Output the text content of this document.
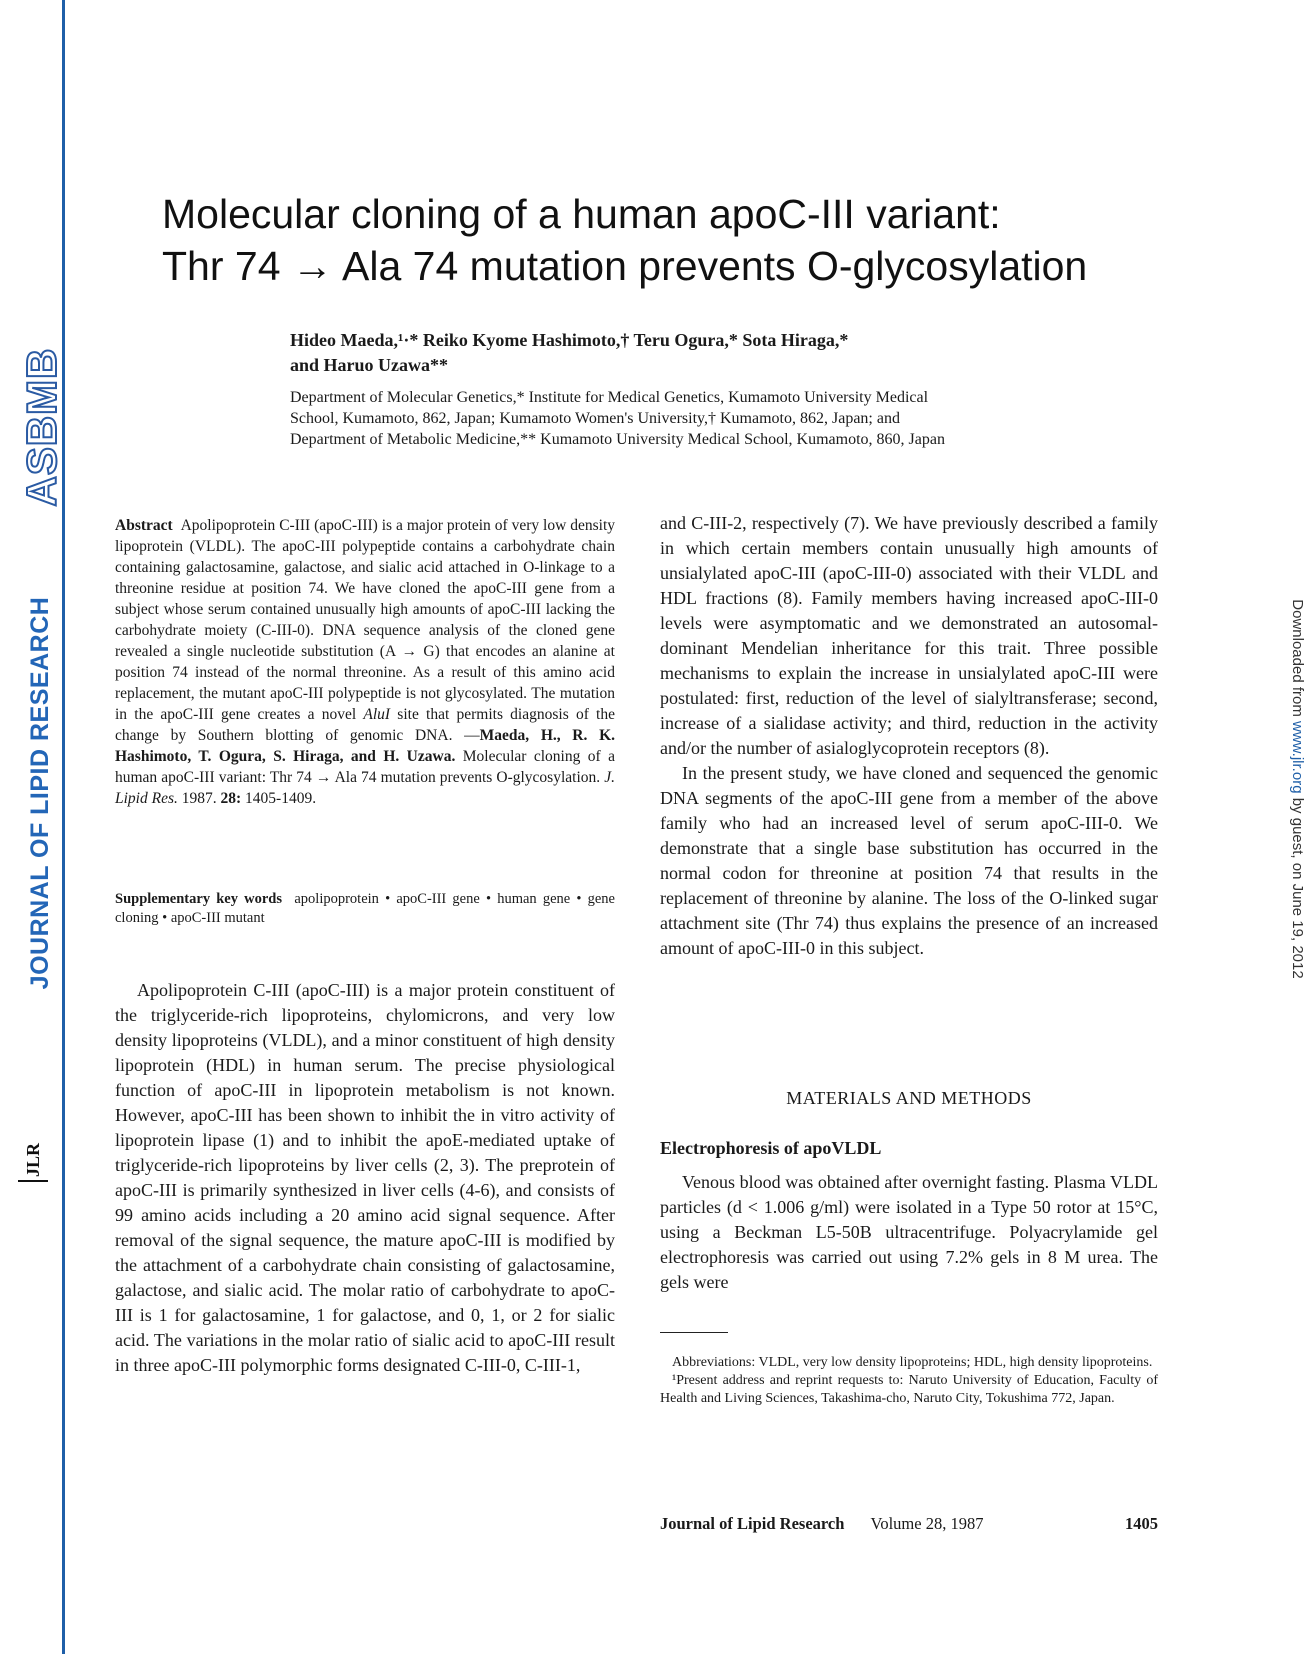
ASBMB
JOURNAL OF LIPID RESEARCH
JLR
Downloaded from www.jlr.org by guest, on June 19, 2012
Molecular cloning of a human apoC-III variant:
Thr 74 → Ala 74 mutation prevents O-glycosylation
Hideo Maeda,¹·* Reiko Kyome Hashimoto,† Teru Ogura,* Sota Hiraga,*
and Haruo Uzawa**
Department of Molecular Genetics,* Institute for Medical Genetics, Kumamoto University Medical
School, Kumamoto, 862, Japan; Kumamoto Women's University,† Kumamoto, 862, Japan; and
Department of Metabolic Medicine,** Kumamoto University Medical School, Kumamoto, 860, Japan
Abstract Apolipoprotein C-III (apoC-III) is a major protein of very low density lipoprotein (VLDL). The apoC-III polypeptide contains a carbohydrate chain containing galactosamine, galactose, and sialic acid attached in O-linkage to a threonine residue at position 74. We have cloned the apoC-III gene from a subject whose serum contained unusually high amounts of apoC-III lacking the carbohydrate moiety (C-III-0). DNA sequence analysis of the cloned gene revealed a single nucleotide substitution (A → G) that encodes an alanine at position 74 instead of the normal threonine. As a result of this amino acid replacement, the mutant apoC-III polypeptide is not glycosylated. The mutation in the apoC-III gene creates a novel AluI site that permits diagnosis of the change by Southern blotting of genomic DNA. —Maeda, H., R. K. Hashimoto, T. Ogura, S. Hiraga, and H. Uzawa. Molecular cloning of a human apoC-III variant: Thr 74 → Ala 74 mutation prevents O-glycosylation. J. Lipid Res. 1987. 28: 1405-1409.
Supplementary key words apolipoprotein • apoC-III gene • human gene • gene cloning • apoC-III mutant

Apolipoprotein C-III (apoC-III) is a major protein constituent of the triglyceride-rich lipoproteins, chylomicrons, and very low density lipoproteins (VLDL), and a minor constituent of high density lipoprotein (HDL) in human serum. The precise physiological function of apoC-III in lipoprotein metabolism is not known. However, apoC-III has been shown to inhibit the in vitro activity of lipoprotein lipase (1) and to inhibit the apoE-mediated uptake of triglyceride-rich lipoproteins by liver cells (2, 3). The preprotein of apoC-III is primarily synthesized in liver cells (4-6), and consists of 99 amino acids including a 20 amino acid signal sequence. After removal of the signal sequence, the mature apoC-III is modified by the attachment of a carbohydrate chain consisting of galactosamine, galactose, and sialic acid. The molar ratio of carbohydrate to apoC-III is 1 for galactosamine, 1 for galactose, and 0, 1, or 2 for sialic acid. The variations in the molar ratio of sialic acid to apoC-III result in three apoC-III polymorphic forms designated C-III-0, C-III-1,

and C-III-2, respectively (7). We have previously described a family in which certain members contain unusually high amounts of unsialylated apoC-III (apoC-III-0) associated with their VLDL and HDL fractions (8). Family members having increased apoC-III-0 levels were asymptomatic and we demonstrated an autosomal-dominant Mendelian inheritance for this trait. Three possible mechanisms to explain the increase in unsialylated apoC-III were postulated: first, reduction of the level of sialyltransferase; second, increase of a sialidase activity; and third, reduction in the activity and/or the number of asialoglycoprotein receptors (8).

In the present study, we have cloned and sequenced the genomic DNA segments of the apoC-III gene from a member of the above family who had an increased level of serum apoC-III-0. We demonstrate that a single base substitution has occurred in the normal codon for threonine at position 74 that results in the replacement of threonine by alanine. The loss of the O-linked sugar attachment site (Thr 74) thus explains the presence of an increased amount of apoC-III-0 in this subject.

MATERIALS AND METHODS
Electrophoresis of apoVLDL

Venous blood was obtained after overnight fasting. Plasma VLDL particles (d < 1.006 g/ml) were isolated in a Type 50 rotor at 15°C, using a Beckman L5-50B ultracentrifuge. Polyacrylamide gel electrophoresis was carried out using 7.2% gels in 8 M urea. The gels were

Abbreviations: VLDL, very low density lipoproteins; HDL, high density lipoproteins.

¹Present address and reprint requests to: Naruto University of Education, Faculty of Health and Living Sciences, Takashima-cho, Naruto City, Tokushima 772, Japan.

Journal of Lipid Research Volume 28, 1987	1405
